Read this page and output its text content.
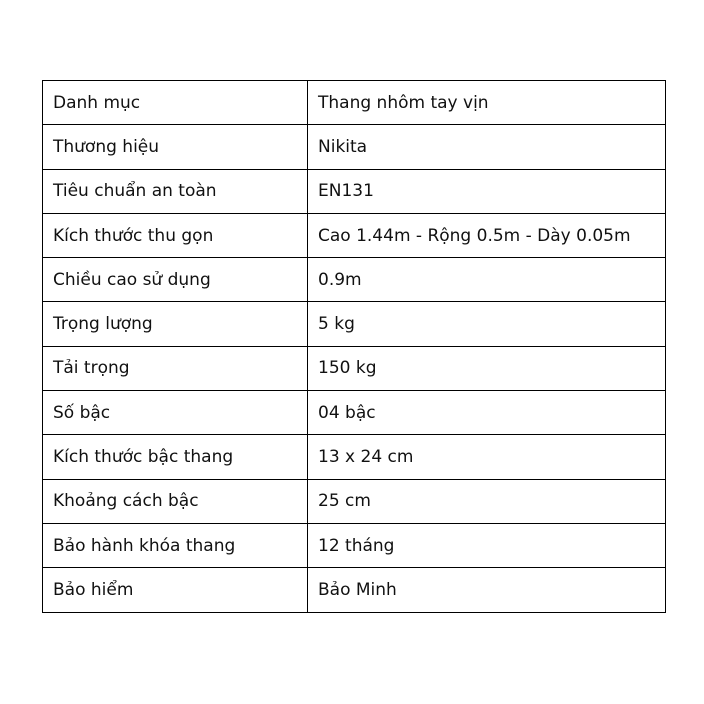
Danh mục	Thang nhôm tay vịn
Thương hiệu	Nikita
Tiêu chuẩn an toàn	EN131
Kích thước thu gọn	Cao 1.44m - Rộng 0.5m - Dày 0.05m
Chiều cao sử dụng	0.9m
Trọng lượng	5 kg
Tải trọng	150 kg
Số bậc	04 bậc
Kích thước bậc thang	13 x 24 cm
Khoảng cách bậc	25 cm
Bảo hành khóa thang	12 tháng
Bảo hiểm	Bảo Minh
